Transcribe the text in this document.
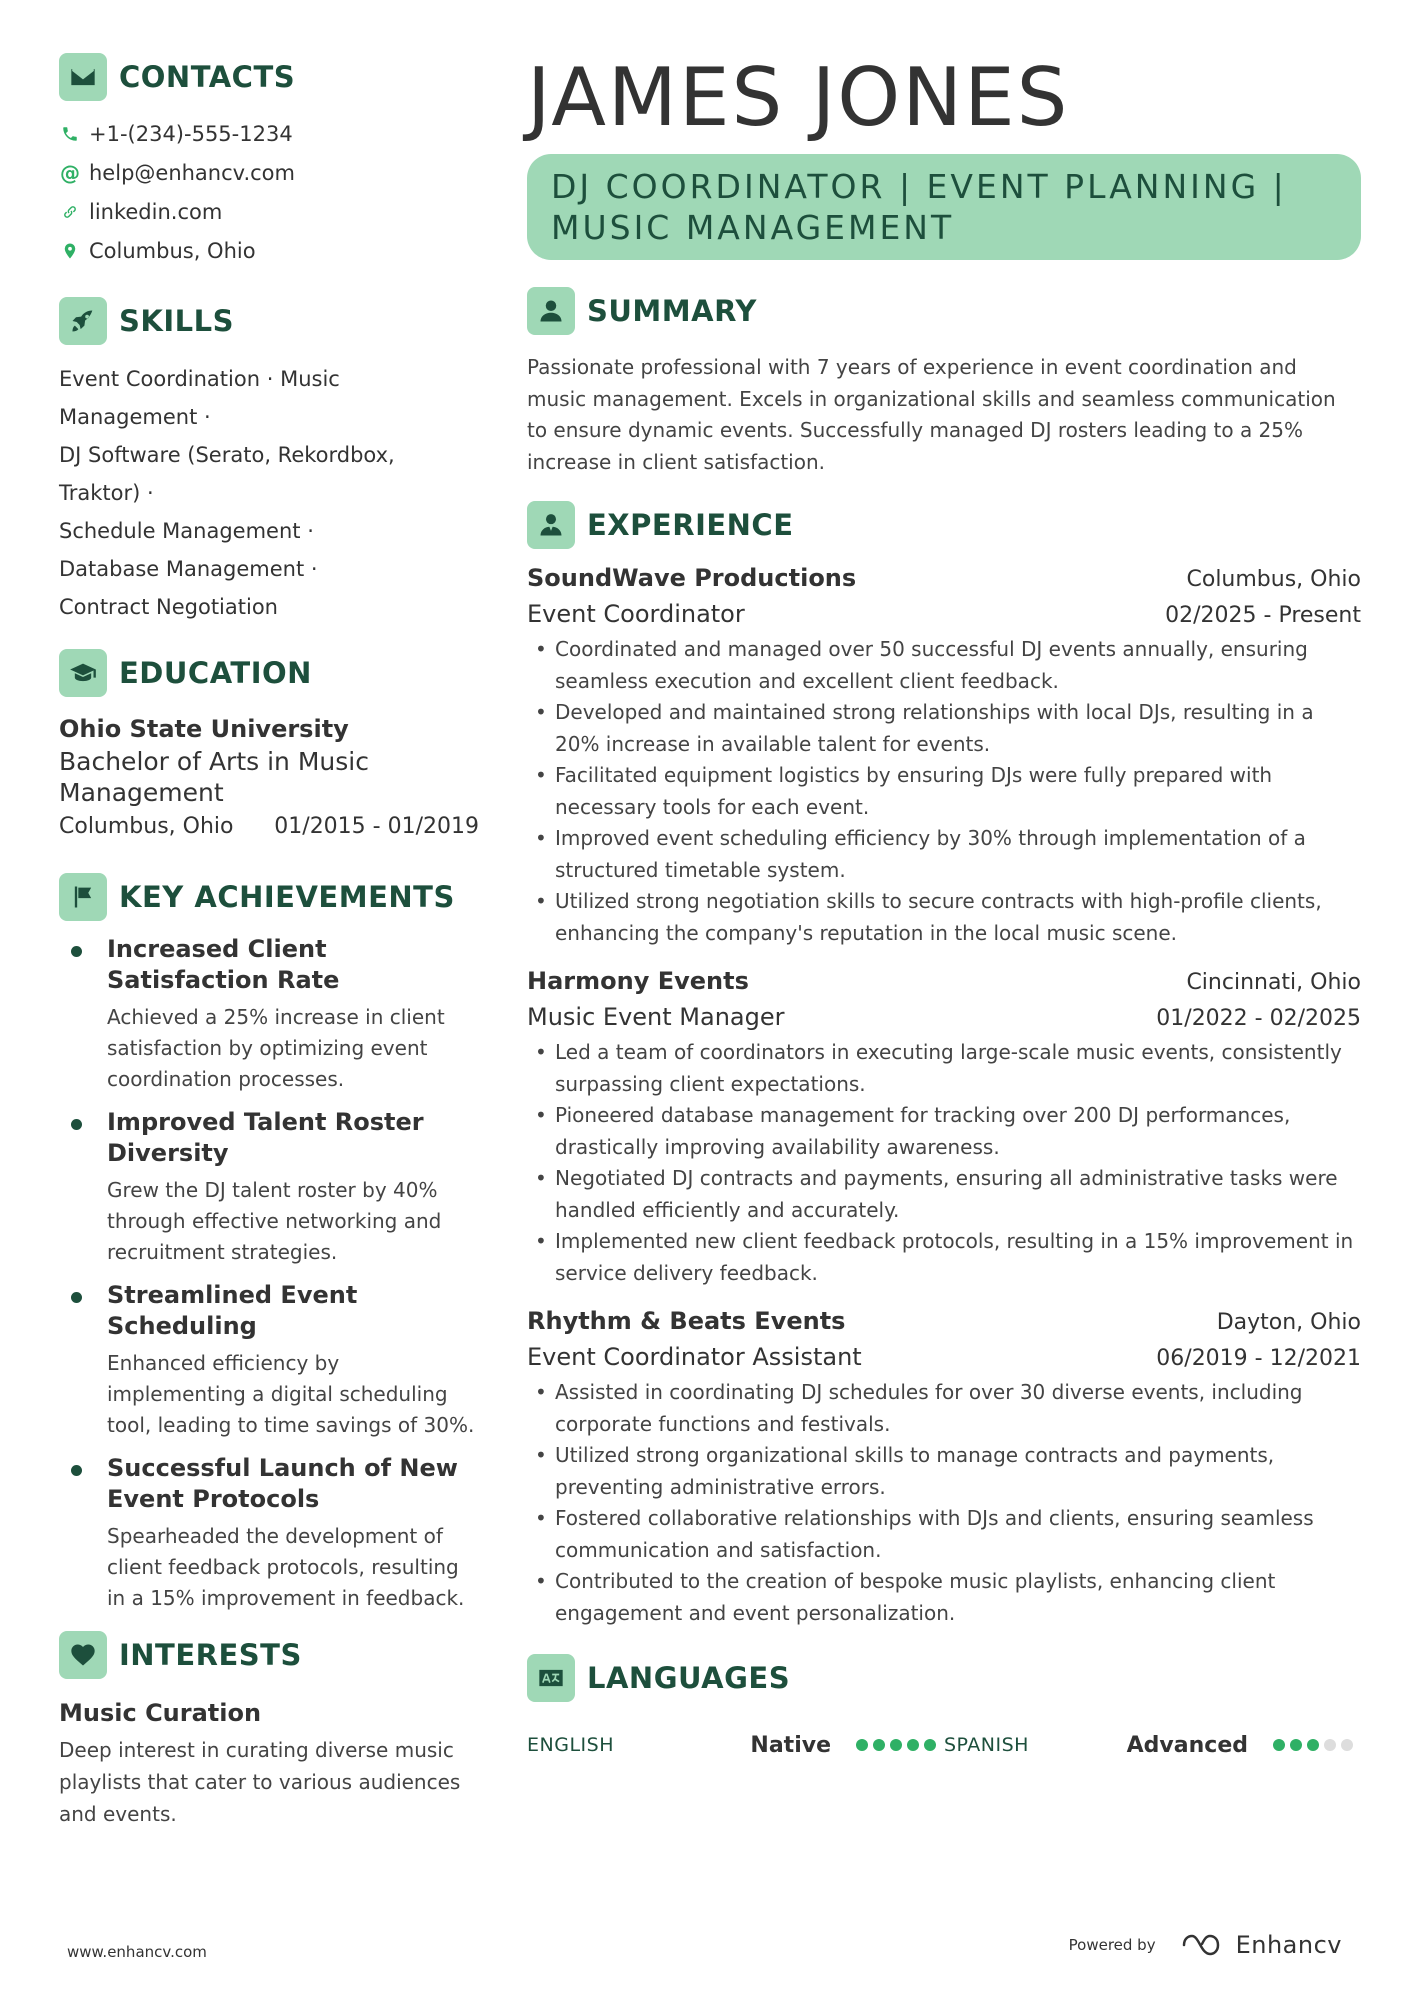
CONTACTS
+1-(234)-555-1234
@ help@enhancv.com
linkedin.com
Columbus, Ohio
SKILLS
Event Coordination · Music Management ·
DJ Software (Serato, Rekordbox, Traktor) ·
Schedule Management ·
Database Management ·
Contract Negotiation
EDUCATION
Ohio State University
Bachelor of Arts in Music Management
Columbus, Ohio 01/2015 - 01/2019
KEY ACHIEVEMENTS
Increased Client Satisfaction Rate
Achieved a 25% increase in client satisfaction by optimizing event coordination processes.
Improved Talent Roster Diversity
Grew the DJ talent roster by 40% through effective networking and recruitment strategies.
Streamlined Event Scheduling
Enhanced efficiency by implementing a digital scheduling tool, leading to time savings of 30%.
Successful Launch of New Event Protocols
Spearheaded the development of client feedback protocols, resulting in a 15% improvement in feedback.
INTERESTS
Music Curation
Deep interest in curating diverse music playlists that cater to various audiences and events.
JAMES JONES
DJ COORDINATOR | EVENT PLANNING | MUSIC MANAGEMENT
SUMMARY
Passionate professional with 7 years of experience in event coordination and music management. Excels in organizational skills and seamless communication to ensure dynamic events. Successfully managed DJ rosters leading to a 25% increase in client satisfaction.
EXPERIENCE
SoundWave Productions	Columbus, Ohio
Event Coordinator	02/2025 - Present
• Coordinated and managed over 50 successful DJ events annually, ensuring seamless execution and excellent client feedback.
• Developed and maintained strong relationships with local DJs, resulting in a 20% increase in available talent for events.
• Facilitated equipment logistics by ensuring DJs were fully prepared with necessary tools for each event.
• Improved event scheduling efficiency by 30% through implementation of a structured timetable system.
• Utilized strong negotiation skills to secure contracts with high-profile clients, enhancing the company's reputation in the local music scene.
Harmony Events	Cincinnati, Ohio
Music Event Manager	01/2022 - 02/2025
• Led a team of coordinators in executing large-scale music events, consistently surpassing client expectations.
• Pioneered database management for tracking over 200 DJ performances, drastically improving availability awareness.
• Negotiated DJ contracts and payments, ensuring all administrative tasks were handled efficiently and accurately.
• Implemented new client feedback protocols, resulting in a 15% improvement in service delivery feedback.
Rhythm & Beats Events	Dayton, Ohio
Event Coordinator Assistant	06/2019 - 12/2021
• Assisted in coordinating DJ schedules for over 30 diverse events, including corporate functions and festivals.
• Utilized strong organizational skills to manage contracts and payments, preventing administrative errors.
• Fostered collaborative relationships with DJs and clients, ensuring seamless communication and satisfaction.
• Contributed to the creation of bespoke music playlists, enhancing client engagement and event personalization.
LANGUAGES
ENGLISH	Native	SPANISH	Advanced
www.enhancv.com	Powered by	Enhancv
